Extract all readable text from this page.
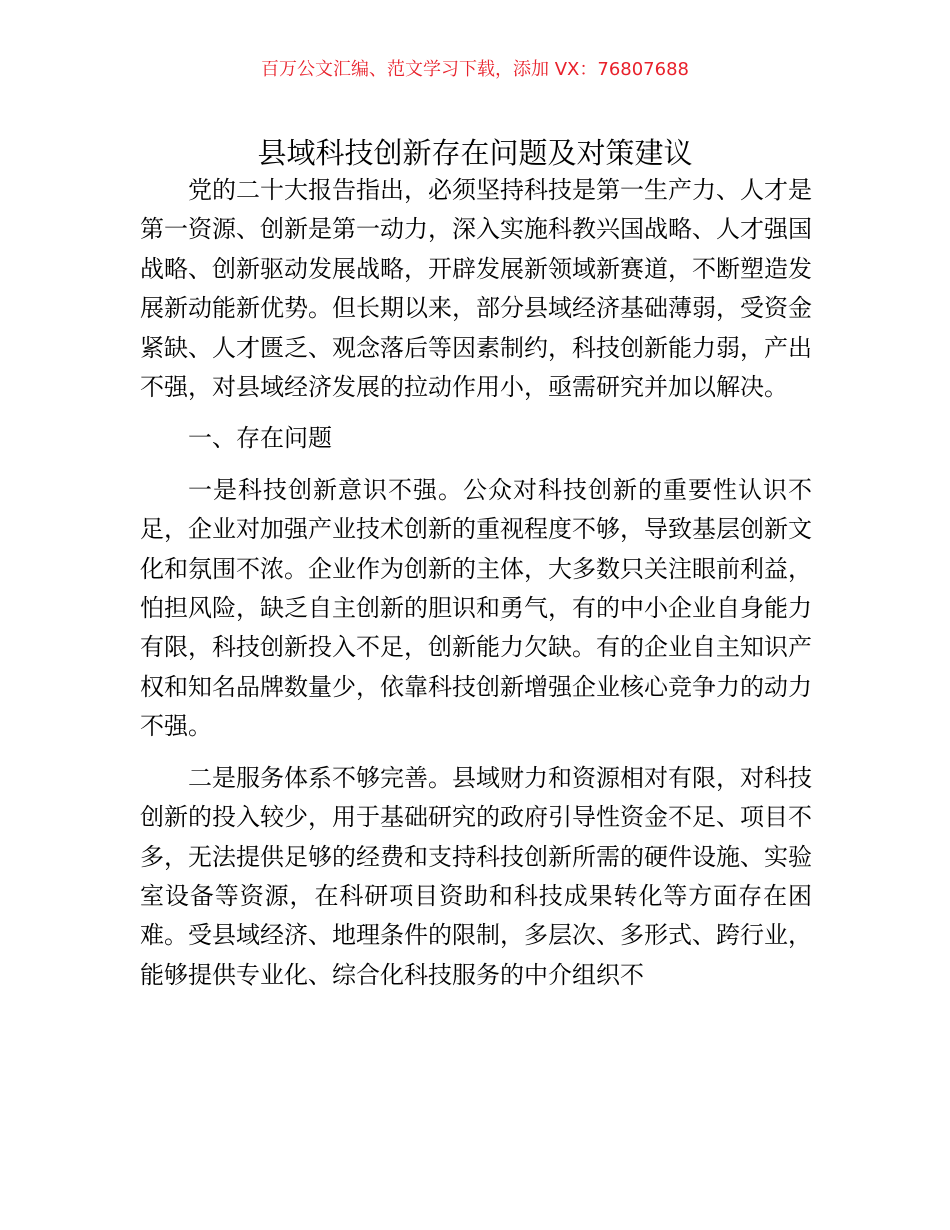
百万公文汇编、范文学习下载，添加 VX：76807688
县域科技创新存在问题及对策建议

党的二十大报告指出，必须坚持科技是第一生产力、人才是第一资源、创新是第一动力，深入实施科教兴国战略、人才强国战略、创新驱动发展战略，开辟发展新领域新赛道，不断塑造发展新动能新优势。但长期以来，部分县域经济基础薄弱，受资金紧缺、人才匮乏、观念落后等因素制约，科技创新能力弱，产出不强，对县域经济发展的拉动作用小，亟需研究并加以解决。

一、存在问题

一是科技创新意识不强。公众对科技创新的重要性认识不足，企业对加强产业技术创新的重视程度不够，导致基层创新文化和氛围不浓。企业作为创新的主体，大多数只关注眼前利益，怕担风险，缺乏自主创新的胆识和勇气，有的中小企业自身能力有限，科技创新投入不足，创新能力欠缺。有的企业自主知识产权和知名品牌数量少，依靠科技创新增强企业核心竞争力的动力不强。

二是服务体系不够完善。县域财力和资源相对有限，对科技创新的投入较少，用于基础研究的政府引导性资金不足、项目不多，无法提供足够的经费和支持科技创新所需的硬件设施、实验室设备等资源，在科研项目资助和科技成果转化等方面存在困难。受县域经济、地理条件的限制，多层次、多形式、跨行业，能够提供专业化、综合化科技服务的中介组织不
